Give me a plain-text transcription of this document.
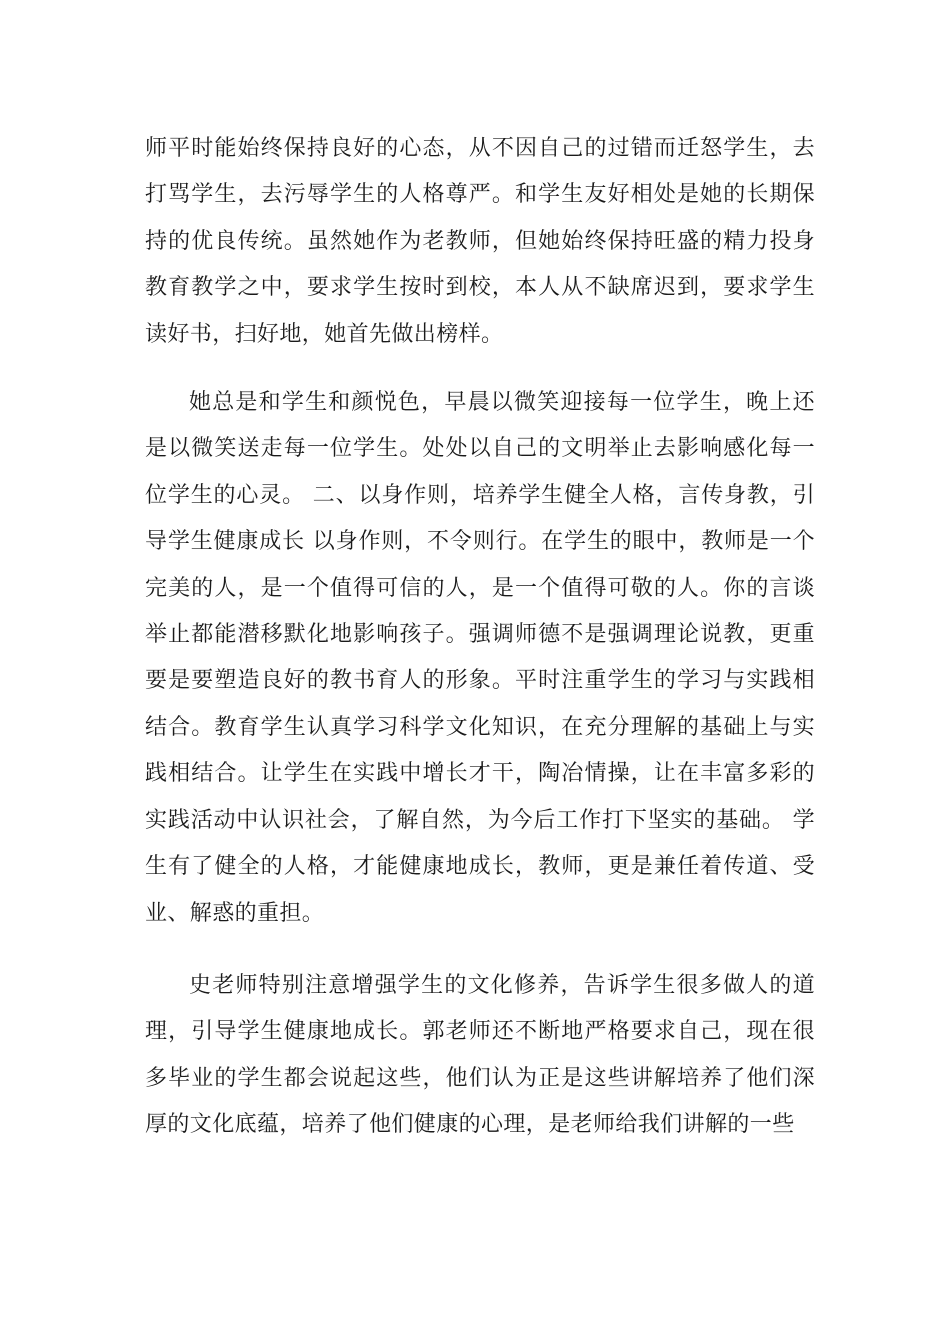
师平时能始终保持良好的心态，从不因自己的过错而迁怒学生，去打骂学生，去污辱学生的人格尊严。和学生友好相处是她的长期保持的优良传统。虽然她作为老教师，但她始终保持旺盛的精力投身教育教学之中，要求学生按时到校，本人从不缺席迟到，要求学生读好书，扫好地，她首先做出榜样。

她总是和学生和颜悦色，早晨以微笑迎接每一位学生，晚上还是以微笑送走每一位学生。处处以自己的文明举止去影响感化每一位学生的心灵。 二、以身作则，培养学生健全人格，言传身教，引导学生健康成长 以身作则，不令则行。在学生的眼中，教师是一个完美的人，是一个值得可信的人，是一个值得可敬的人。你的言谈举止都能潜移默化地影响孩子。强调师德不是强调理论说教，更重要是要塑造良好的教书育人的形象。平时注重学生的学习与实践相结合。教育学生认真学习科学文化知识，在充分理解的基础上与实践相结合。让学生在实践中增长才干，陶冶情操，让在丰富多彩的实践活动中认识社会，了解自然，为今后工作打下坚实的基础。 学生有了健全的人格，才能健康地成长，教师，更是兼任着传道、受业、解惑的重担。

史老师特别注意增强学生的文化修养，告诉学生很多做人的道理，引导学生健康地成长。郭老师还不断地严格要求自己，现在很多毕业的学生都会说起这些，他们认为正是这些讲解培养了他们深厚的文化底蕴，培养了他们健康的心理，是老师给我们讲解的一些
